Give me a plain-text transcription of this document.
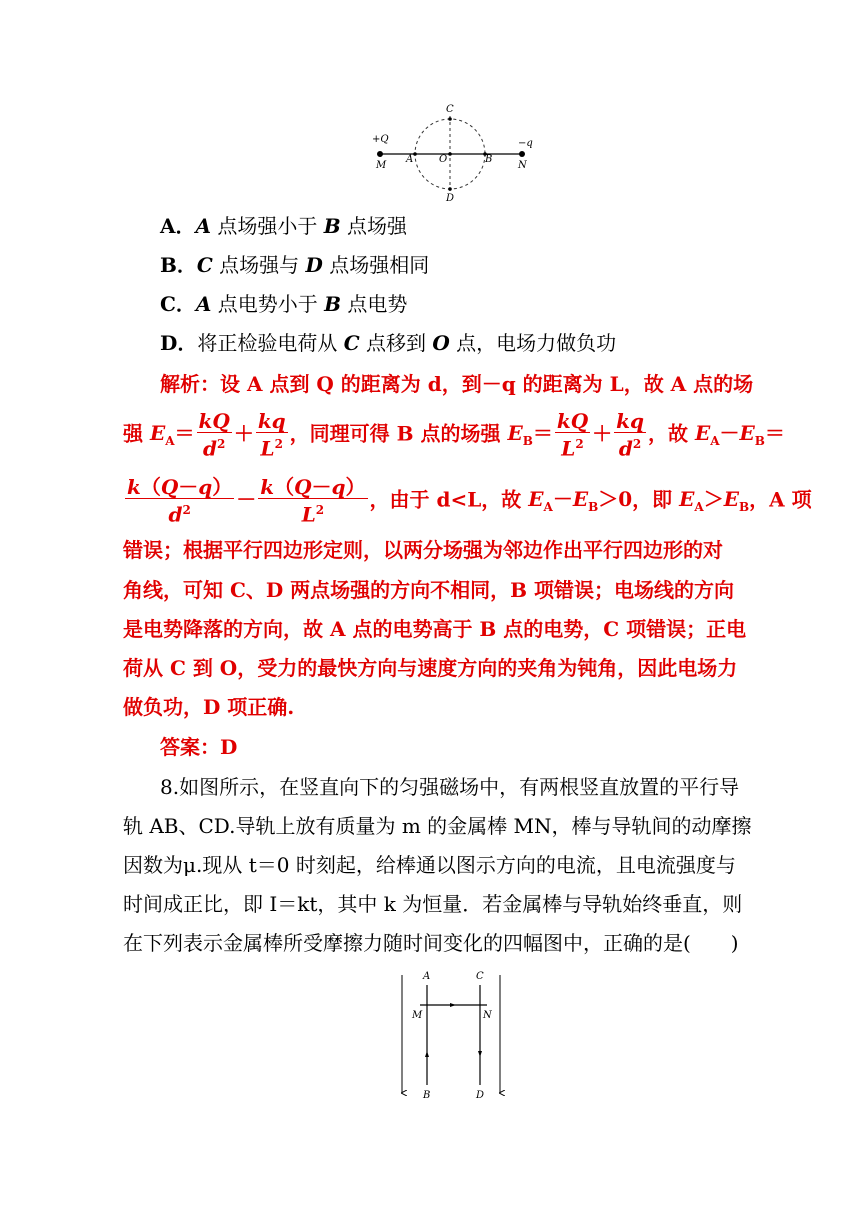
+Q
M
A	O	B
N
−q
C
D
A．A 点场强小于 B 点场强
B．C 点场强与 D 点场强相同
C．A 点电势小于 B 点电势
D．将正检验电荷从 C 点移到 O 点，电场力做负功
解析：设 A 点到 Q 的距离为 d，到－q 的距离为 L，故 A 点的场
强 $E_A= \frac{kQ}{d^2} + \frac{kq}{L^2}$ ，同理可得 B 点的场强 $E_B= \frac{kQ}{L^2} + \frac{kq}{d^2}$ ，故 $E_A-E_B=$
$\frac{k(Q-q)}{d^2} - \frac{k(Q-q)}{L^2}$ ，由于 d<L，故 $E_A-E_B>0$，即 $E_A>E_B$，A 项
错误；根据平行四边形定则，以两分场强为邻边作出平行四边形的对
角线，可知 C、D 两点场强的方向不相同，B 项错误；电场线的方向
是电势降落的方向，故 A 点的电势高于 B 点的电势，C 项错误；正电
荷从 C 到 O，受力的最快方向与速度方向的夹角为钝角，因此电场力
做负功，D 项正确.
答案：D
8.如图所示，在竖直向下的匀强磁场中，有两根竖直放置的平行导
轨 AB、CD.导轨上放有质量为 m 的金属棒 MN，棒与导轨间的动摩擦
因数为μ.现从 t＝0 时刻起，给棒通以图示方向的电流，且电流强度与
时间成正比，即 I＝kt，其中 k 为恒量．若金属棒与导轨始终垂直，则
在下列表示金属棒所受摩擦力随时间变化的四幅图中，正确的是(　　)
A	C
M	N
B	D
